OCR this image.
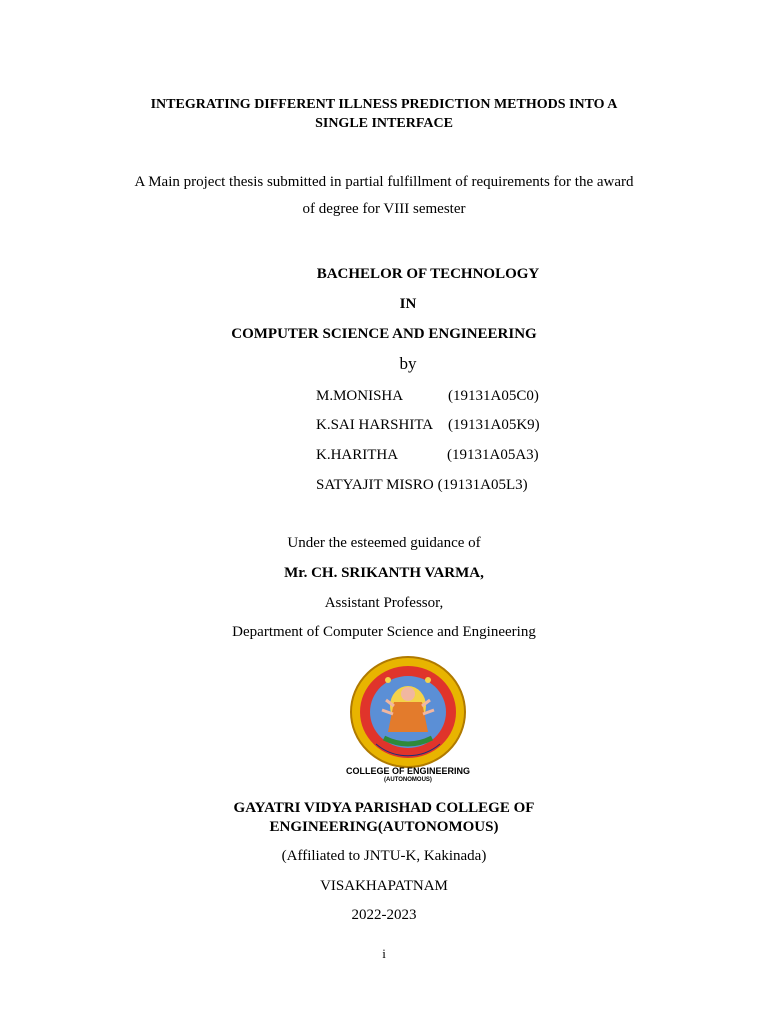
INTEGRATING DIFFERENT ILLNESS PREDICTION METHODS INTO A
SINGLE INTERFACE
A Main project thesis submitted in partial fulfillment of requirements for the award
of degree for VIII semester
BACHELOR OF TECHNOLOGY
IN
COMPUTER SCIENCE AND ENGINEERING
by
M.MONISHA	(19131A05C0)
K.SAI HARSHITA (19131A05K9)
K.HARITHA	(19131A05A3)
SATYAJIT MISRO (19131A05L3)
Under the esteemed guidance of
Mr. CH. SRIKANTH VARMA,
Assistant Professor,
Department of Computer Science and Engineering
COLLEGE OF ENGINEERING
(AUTONOMOUS)
GAYATRI VIDYA PARISHAD COLLEGE OF
ENGINEERING(AUTONOMOUS)
(Affiliated to JNTU-K, Kakinada)
VISAKHAPATNAM
2022-2023
i
